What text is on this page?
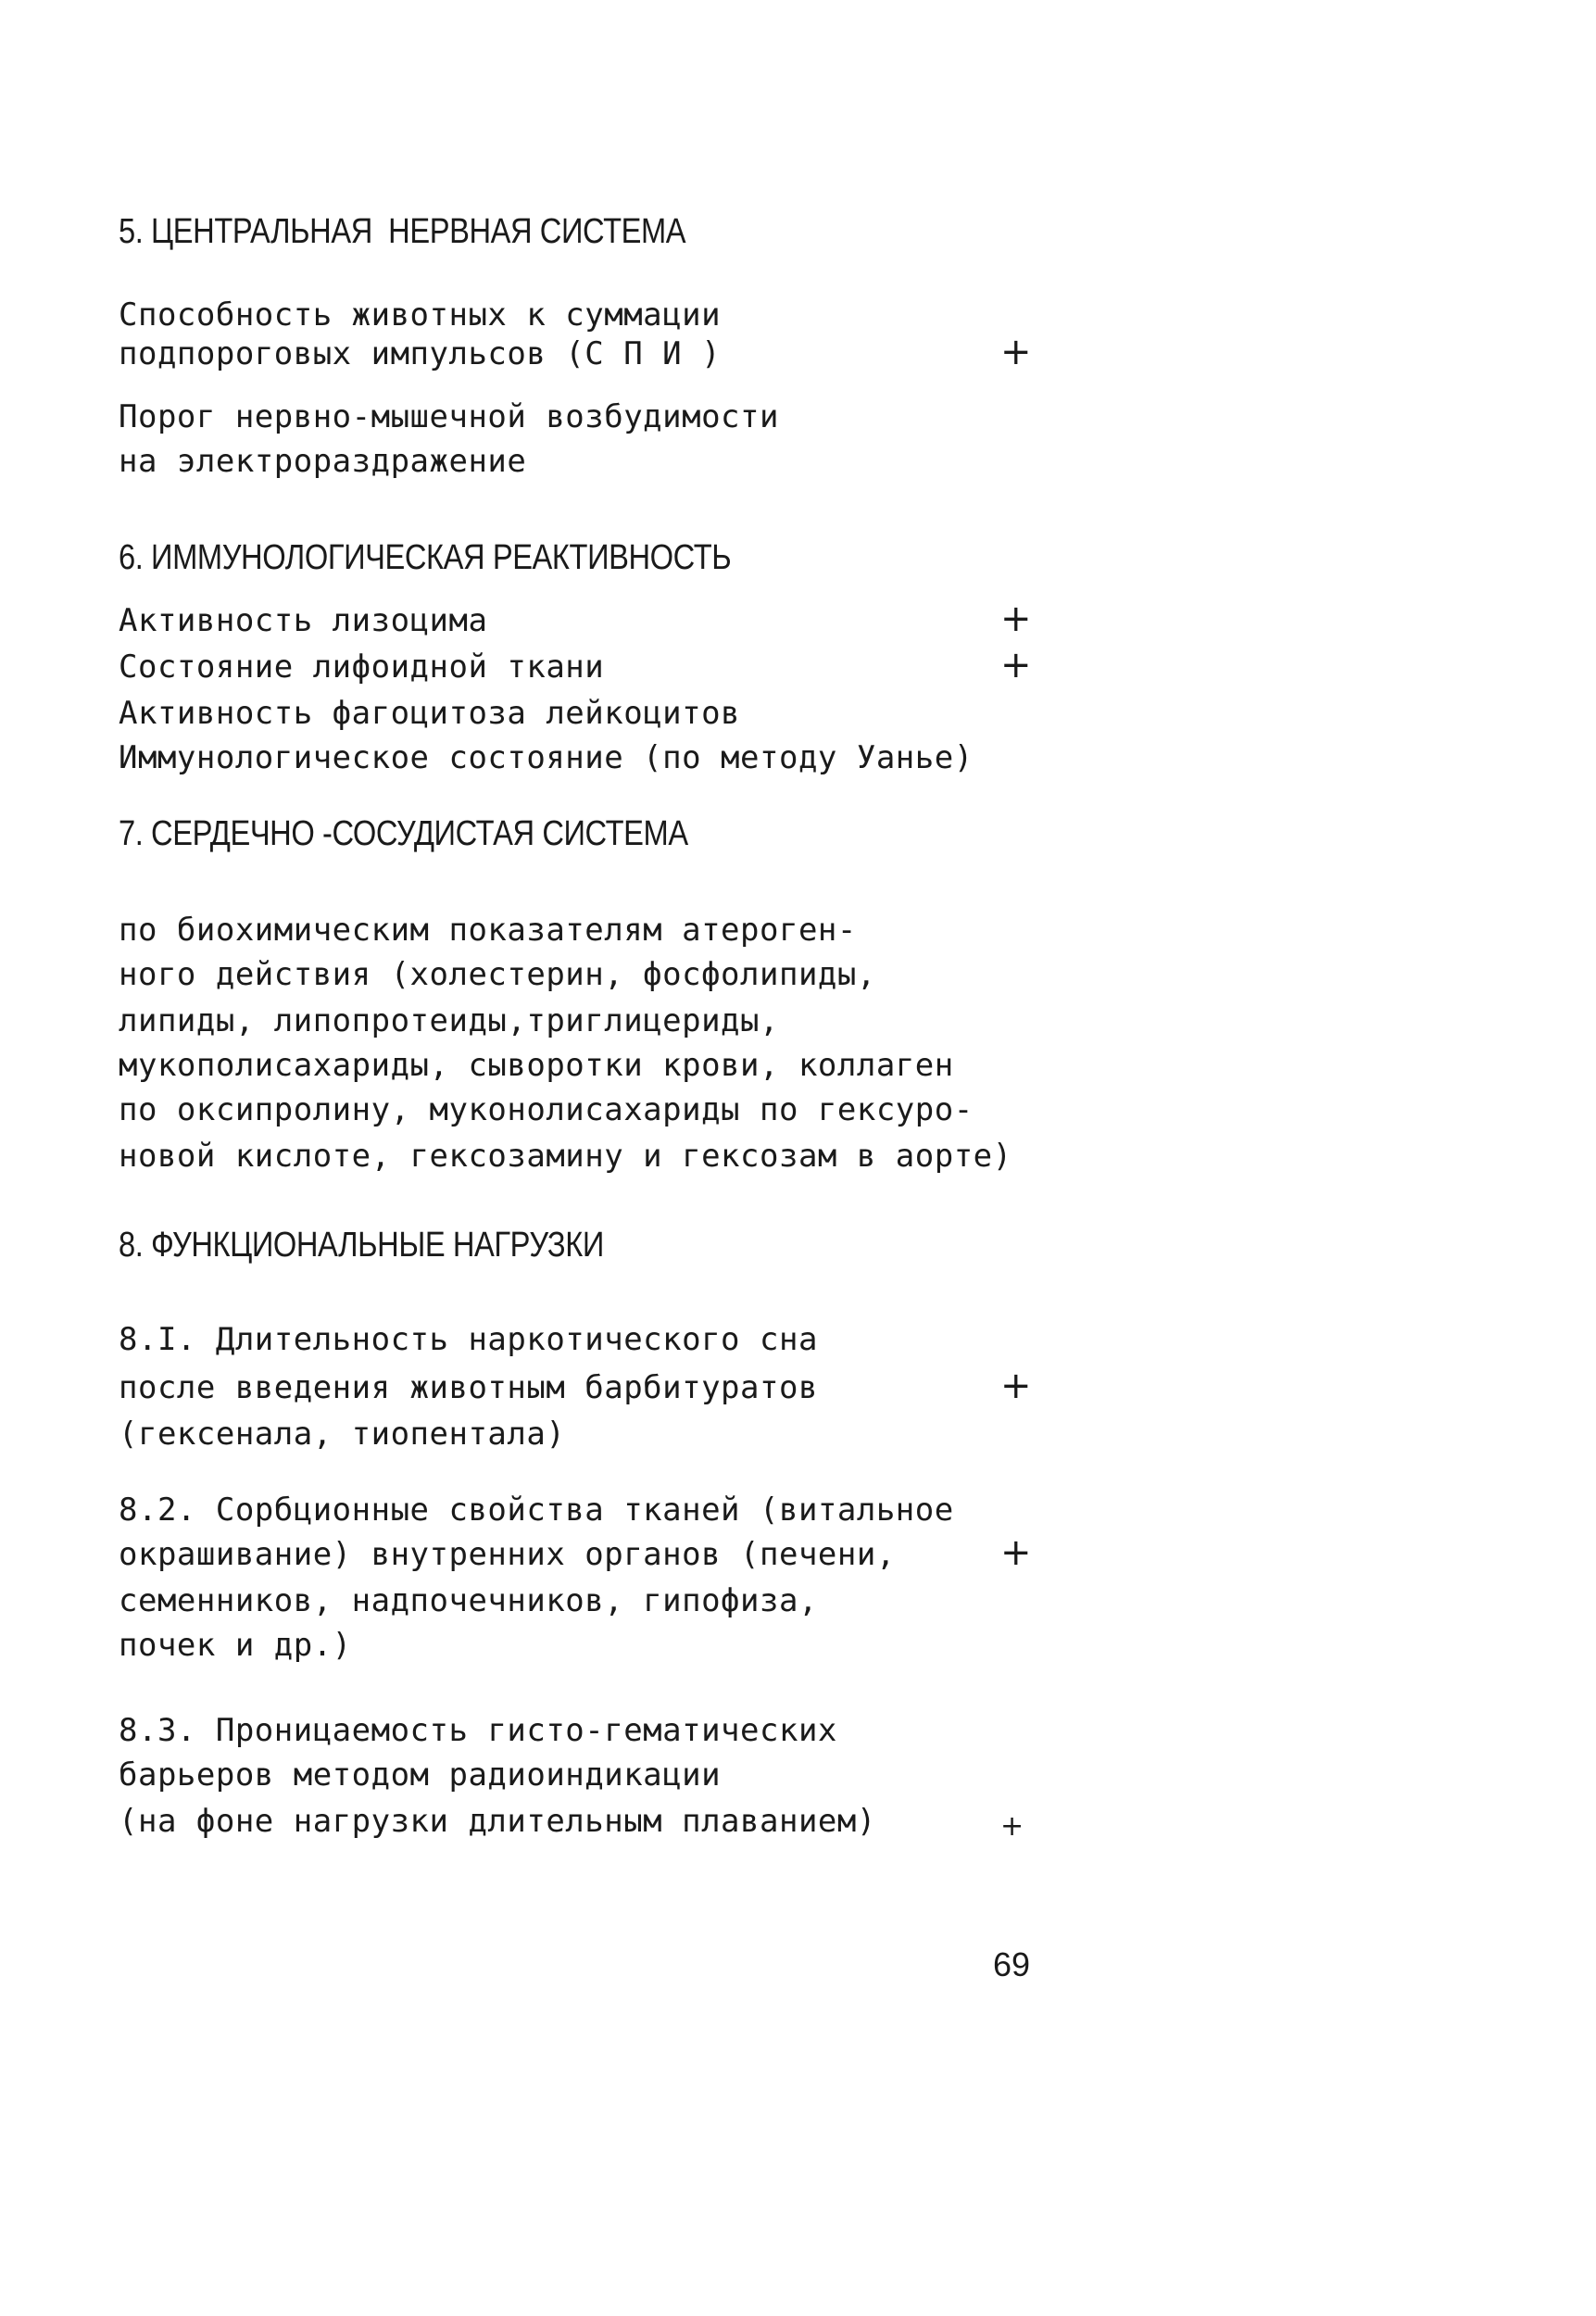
5. ЦЕНТРАЛЬНАЯ  НЕРВНАЯ СИСТЕМА
Способность животных к суммации
подпороговых импульсов (С П И )	+
Порог нервно-мышечной возбудимости
на электрораздражение
6. ИММУНОЛОГИЧЕСКАЯ РЕАКТИВНОСТЬ
Активность лизоцима	+
Состояние лифоидной ткани	+
Активность фагоцитоза лейкоцитов
Иммунологическое состояние (по методу Уанье)
7. СЕРДЕЧНО -СОСУДИСТАЯ СИСТЕМА
по биохимическим показателям атероген-
ного действия (холестерин, фосфолипиды,
липиды, липопротеиды,триглицериды,
мукополисахариды, сыворотки крови, коллаген
по оксипролину, муконолисахариды по гексуро-
новой кислоте, гексозамину и гексозам в аорте)
8. ФУНКЦИОНАЛЬНЫЕ НАГРУЗКИ
8.I. Длительность наркотического сна
после введения животным барбитуратов	+
(гексенала, тиопентала)
8.2. Сорбционные свойства тканей (витальное
окрашивание) внутренних органов (печени,	+
семенников, надпочечников, гипофиза,
почек и др.)
8.3. Проницаемость гисто-гематических
барьеров методом радиоиндикации
(на фоне нагрузки длительным плаванием)	+
69
